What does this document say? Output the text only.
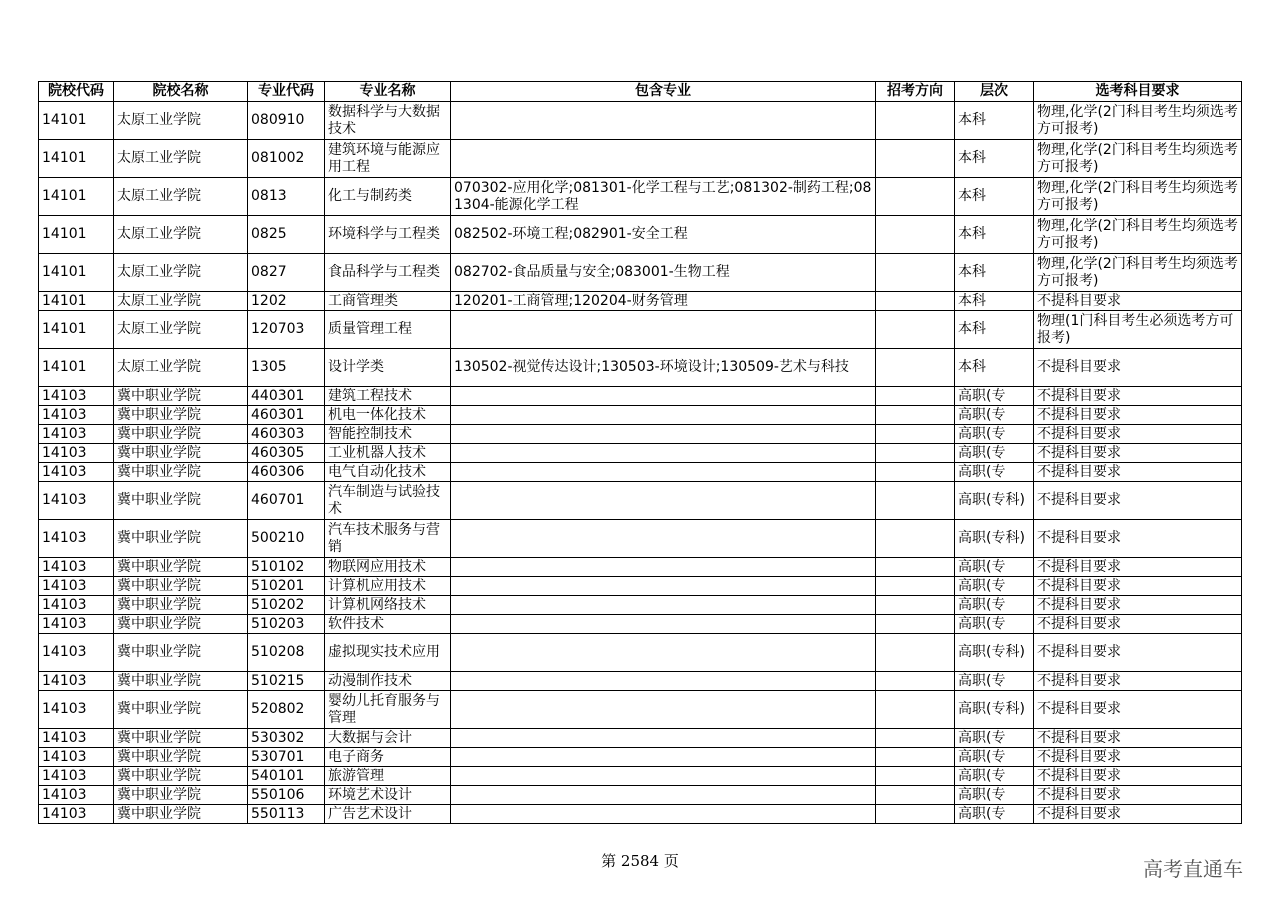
院校代码	院校名称	专业代码	专业名称	包含专业	招考方向	层次	选考科目要求
14101	太原工业学院	080910	数据科学与大数据技术			本科	物理,化学(2门科目考生均须选考方可报考)
14101	太原工业学院	081002	建筑环境与能源应用工程			本科	物理,化学(2门科目考生均须选考方可报考)
14101	太原工业学院	0813	化工与制药类	070302-应用化学;081301-化学工程与工艺;081302-制药工程;081304-能源化学工程		本科	物理,化学(2门科目考生均须选考方可报考)
14101	太原工业学院	0825	环境科学与工程类	082502-环境工程;082901-安全工程		本科	物理,化学(2门科目考生均须选考方可报考)
14101	太原工业学院	0827	食品科学与工程类	082702-食品质量与安全;083001-生物工程		本科	物理,化学(2门科目考生均须选考方可报考)
14101	太原工业学院	1202	工商管理类	120201-工商管理;120204-财务管理		本科	不提科目要求
14101	太原工业学院	120703	质量管理工程			本科	物理(1门科目考生必须选考方可报考)
14101	太原工业学院	1305	设计学类	130502-视觉传达设计;130503-环境设计;130509-艺术与科技		本科	不提科目要求
14103	冀中职业学院	440301	建筑工程技术			高职(专	不提科目要求
14103	冀中职业学院	460301	机电一体化技术			高职(专	不提科目要求
14103	冀中职业学院	460303	智能控制技术			高职(专	不提科目要求
14103	冀中职业学院	460305	工业机器人技术			高职(专	不提科目要求
14103	冀中职业学院	460306	电气自动化技术			高职(专	不提科目要求
14103	冀中职业学院	460701	汽车制造与试验技术			高职(专科)	不提科目要求
14103	冀中职业学院	500210	汽车技术服务与营销			高职(专科)	不提科目要求
14103	冀中职业学院	510102	物联网应用技术			高职(专	不提科目要求
14103	冀中职业学院	510201	计算机应用技术			高职(专	不提科目要求
14103	冀中职业学院	510202	计算机网络技术			高职(专	不提科目要求
14103	冀中职业学院	510203	软件技术			高职(专	不提科目要求
14103	冀中职业学院	510208	虚拟现实技术应用			高职(专科)	不提科目要求
14103	冀中职业学院	510215	动漫制作技术			高职(专	不提科目要求
14103	冀中职业学院	520802	婴幼儿托育服务与管理			高职(专科)	不提科目要求
14103	冀中职业学院	530302	大数据与会计			高职(专	不提科目要求
14103	冀中职业学院	530701	电子商务			高职(专	不提科目要求
14103	冀中职业学院	540101	旅游管理			高职(专	不提科目要求
14103	冀中职业学院	550106	环境艺术设计			高职(专	不提科目要求
14103	冀中职业学院	550113	广告艺术设计			高职(专	不提科目要求
第 2584 页	高考直通车
